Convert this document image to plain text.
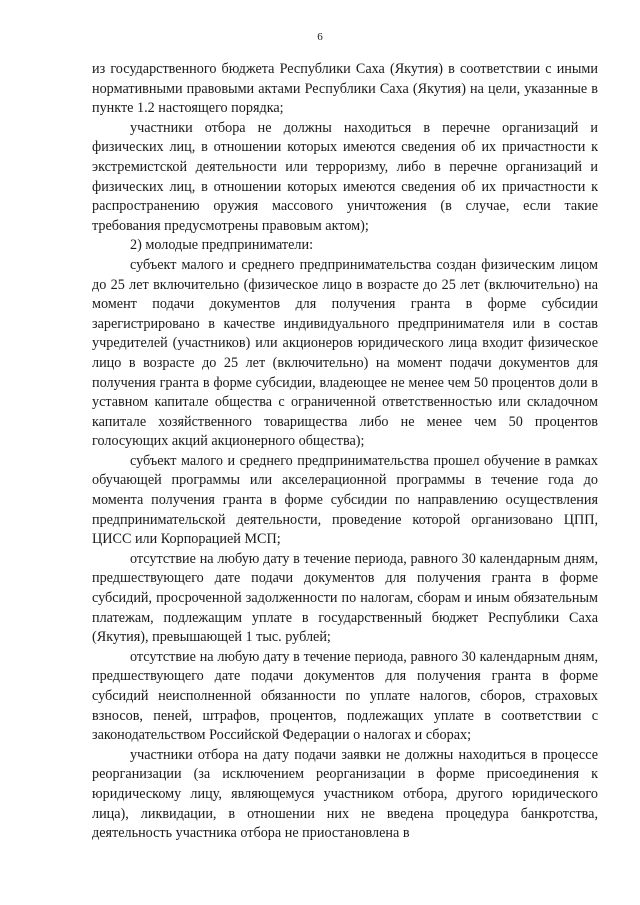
6

из государственного бюджета Республики Саха (Якутия) в соответствии с иными нормативными правовыми актами Республики Саха (Якутия) на цели, указанные в пункте 1.2 настоящего порядка;

участники отбора не должны находиться в перечне организаций и физических лиц, в отношении которых имеются сведения об их причастности к экстремистской деятельности или терроризму, либо в перечне организаций и физических лиц, в отношении которых имеются сведения об их причастности к распространению оружия массового уничтожения (в случае, если такие требования предусмотрены правовым актом);

2) молодые предприниматели:

субъект малого и среднего предпринимательства создан физическим лицом до 25 лет включительно (физическое лицо в возрасте до 25 лет (включительно) на момент подачи документов для получения гранта в форме субсидии зарегистрировано в качестве индивидуального предпринимателя или в состав учредителей (участников) или акционеров юридического лица входит физическое лицо в возрасте до 25 лет (включительно) на момент подачи документов для получения гранта в форме субсидии, владеющее не менее чем 50 процентов доли в уставном капитале общества с ограниченной ответственностью или складочном капитале хозяйственного товарищества либо не менее чем 50 процентов голосующих акций акционерного общества);

субъект малого и среднего предпринимательства прошел обучение в рамках обучающей программы или акселерационной программы в течение года до момента получения гранта в форме субсидии по направлению осуществления предпринимательской деятельности, проведение которой организовано ЦПП, ЦИСС или Корпорацией МСП;

отсутствие на любую дату в течение периода, равного 30 календарным дням, предшествующего дате подачи документов для получения гранта в форме субсидий, просроченной задолженности по налогам, сборам и иным обязательным платежам, подлежащим уплате в государственный бюджет Республики Саха (Якутия), превышающей 1 тыс. рублей;

отсутствие на любую дату в течение периода, равного 30 календарным дням, предшествующего дате подачи документов для получения гранта в форме субсидий неисполненной обязанности по уплате налогов, сборов, страховых взносов, пеней, штрафов, процентов, подлежащих уплате в соответствии с законодательством Российской Федерации о налогах и сборах;

участники отбора на дату подачи заявки не должны находиться в процессе реорганизации (за исключением реорганизации в форме присоединения к юридическому лицу, являющемуся участником отбора, другого юридического лица), ликвидации, в отношении них не введена процедура банкротства, деятельность участника отбора не приостановлена в
